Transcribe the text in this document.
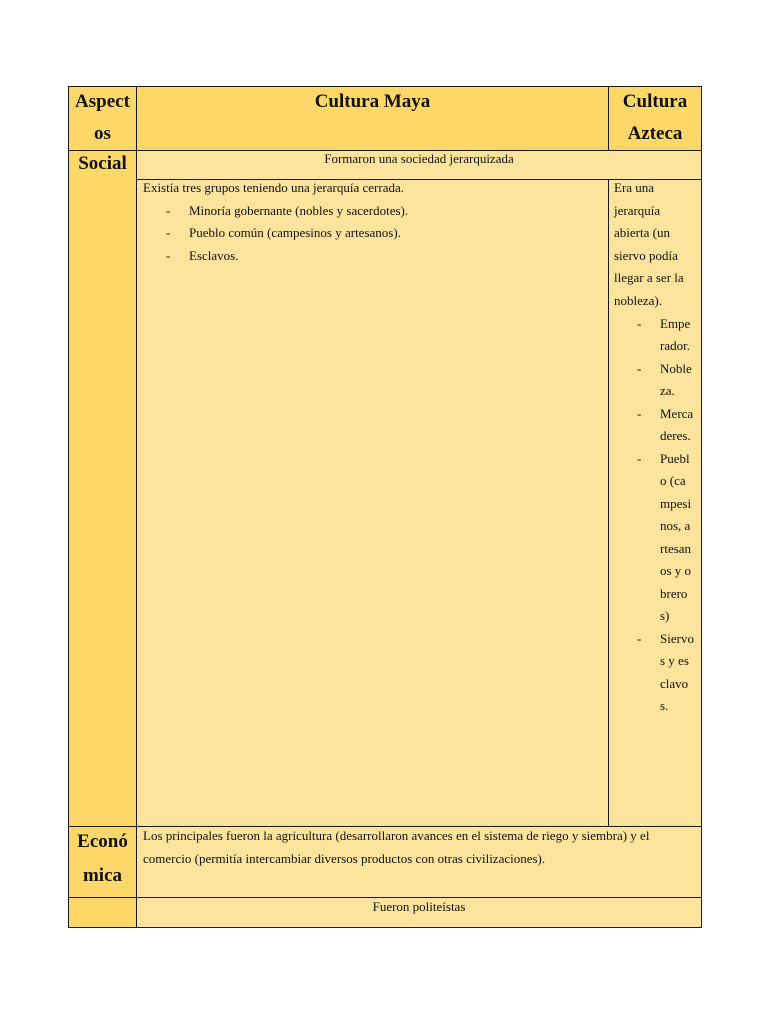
Aspectos
Cultura Maya	Cultura Azteca
Social	Formaron una sociedad jerarquizada
Existía tres grupos teniendo una jerarquía cerrada.
- Minoría gobernante (nobles y sacerdotes).
- Pueblo común (campesinos y artesanos).
- Esclavos.
Era una jerarquía abierta (un siervo podía llegar a ser la nobleza).
- Emperador.
- Nobleza.
- Mercaderes.
- Pueblo (campesinos, artesanos y obreros)
- Siervos y esclavos.
Económica
Los principales fueron la agricultura (desarrollaron avances en el sistema de riego y siembra) y el comercio (permitía intercambiar diversos productos con otras civilizaciones).
Fueron politeístas
